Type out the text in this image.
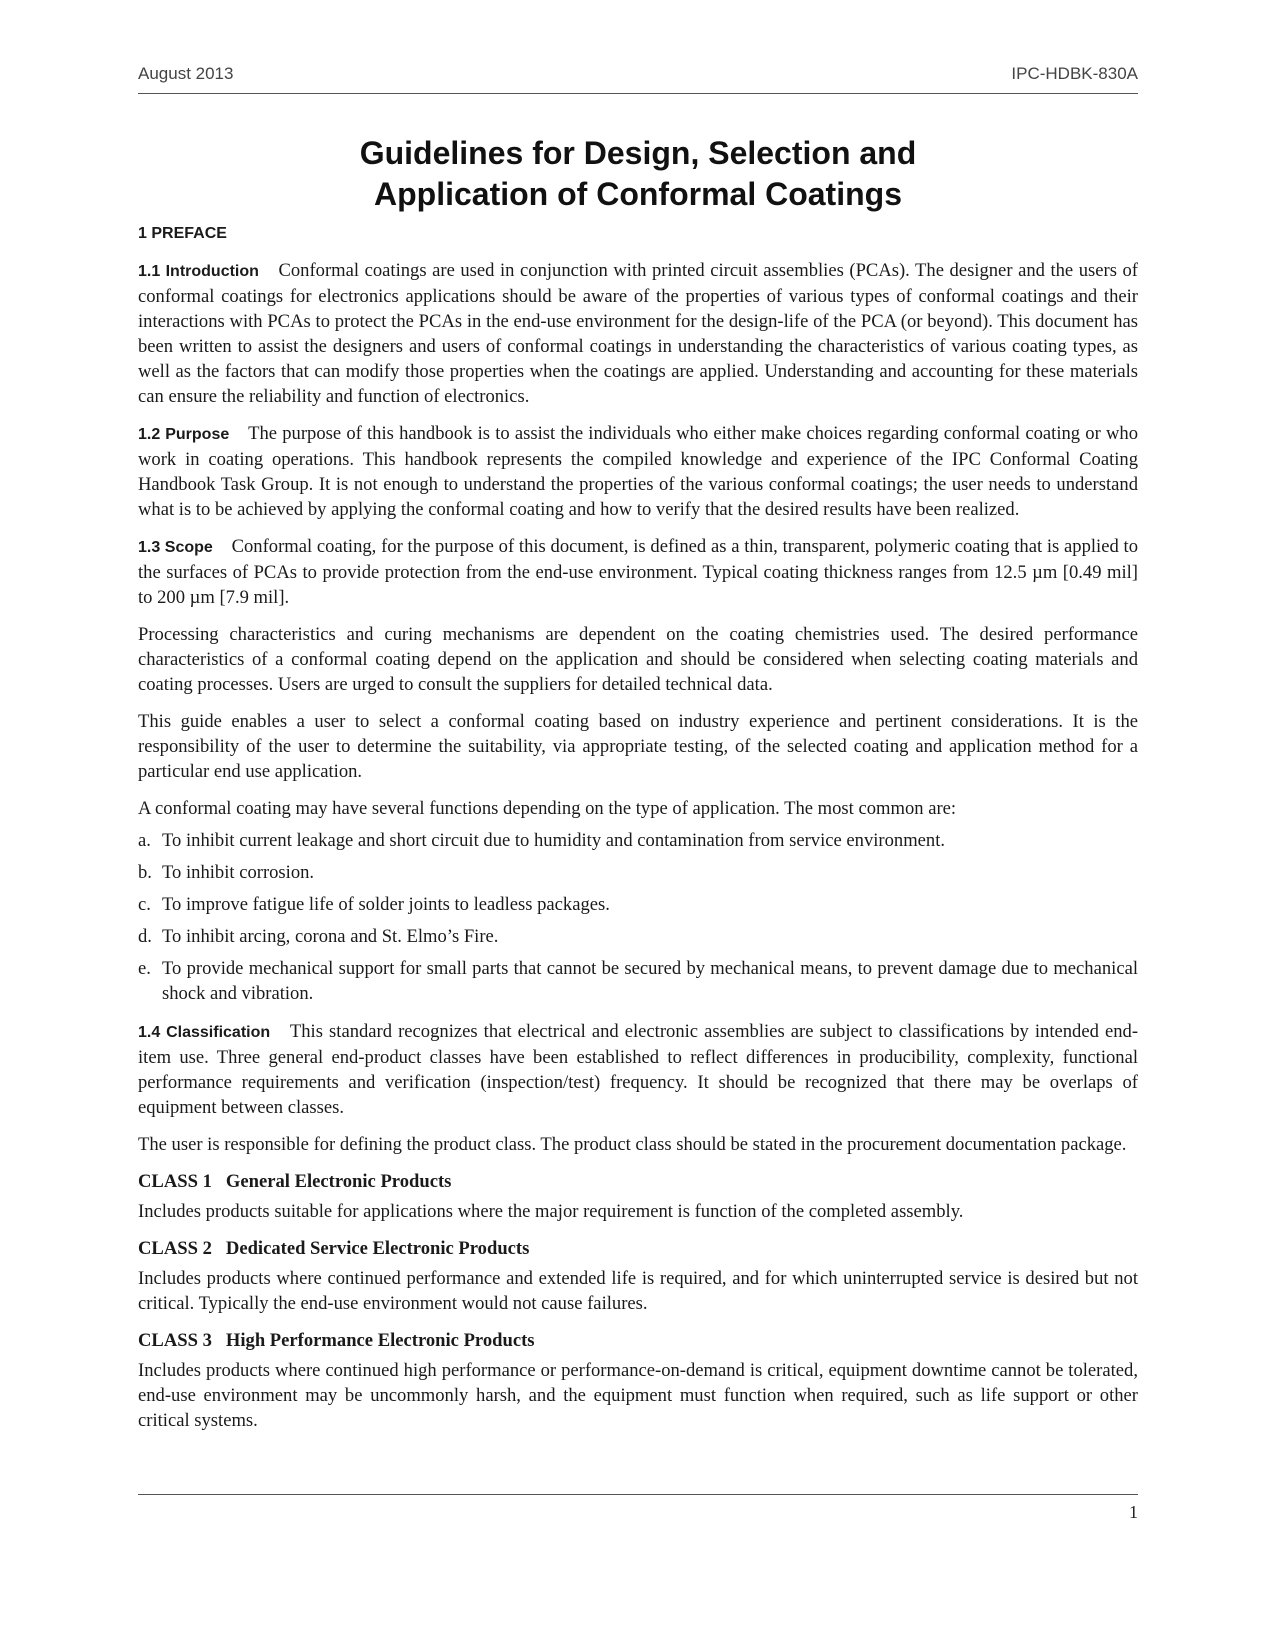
August 2013	IPC-HDBK-830A
Guidelines for Design, Selection and
Application of Conformal Coatings
1 PREFACE

1.1 Introduction Conformal coatings are used in conjunction with printed circuit assemblies (PCAs). The designer and the users of conformal coatings for electronics applications should be aware of the properties of various types of conformal coatings and their interactions with PCAs to protect the PCAs in the end-use environment for the design-life of the PCA (or beyond). This document has been written to assist the designers and users of conformal coatings in understanding the characteristics of various coating types, as well as the factors that can modify those properties when the coatings are applied. Understanding and accounting for these materials can ensure the reliability and function of electronics.

1.2 Purpose The purpose of this handbook is to assist the individuals who either make choices regarding conformal coating or who work in coating operations. This handbook represents the compiled knowledge and experience of the IPC Conformal Coating Handbook Task Group. It is not enough to understand the properties of the various conformal coatings; the user needs to understand what is to be achieved by applying the conformal coating and how to verify that the desired results have been realized.

1.3 Scope Conformal coating, for the purpose of this document, is defined as a thin, transparent, polymeric coating that is applied to the surfaces of PCAs to provide protection from the end-use environment. Typical coating thickness ranges from 12.5 µm [0.49 mil] to 200 µm [7.9 mil].

Processing characteristics and curing mechanisms are dependent on the coating chemistries used. The desired performance characteristics of a conformal coating depend on the application and should be considered when selecting coating materials and coating processes. Users are urged to consult the suppliers for detailed technical data.

This guide enables a user to select a conformal coating based on industry experience and pertinent considerations. It is the responsibility of the user to determine the suitability, via appropriate testing, of the selected coating and application method for a particular end use application.

A conformal coating may have several functions depending on the type of application. The most common are:

a. To inhibit current leakage and short circuit due to humidity and contamination from service environment.
b. To inhibit corrosion.
c. To improve fatigue life of solder joints to leadless packages.
d. To inhibit arcing, corona and St. Elmo’s Fire.
e. To provide mechanical support for small parts that cannot be secured by mechanical means, to prevent damage due to mechanical shock and vibration.

1.4 Classification This standard recognizes that electrical and electronic assemblies are subject to classifications by intended end-item use. Three general end-product classes have been established to reflect differences in producibility, complexity, functional performance requirements and verification (inspection/test) frequency. It should be recognized that there may be overlaps of equipment between classes.

The user is responsible for defining the product class. The product class should be stated in the procurement documentation package.

CLASS 1 General Electronic Products

Includes products suitable for applications where the major requirement is function of the completed assembly.

CLASS 2 Dedicated Service Electronic Products

Includes products where continued performance and extended life is required, and for which uninterrupted service is desired but not critical. Typically the end-use environment would not cause failures.

CLASS 3 High Performance Electronic Products

Includes products where continued high performance or performance-on-demand is critical, equipment downtime cannot be tolerated, end-use environment may be uncommonly harsh, and the equipment must function when required, such as life support or other critical systems.

1
